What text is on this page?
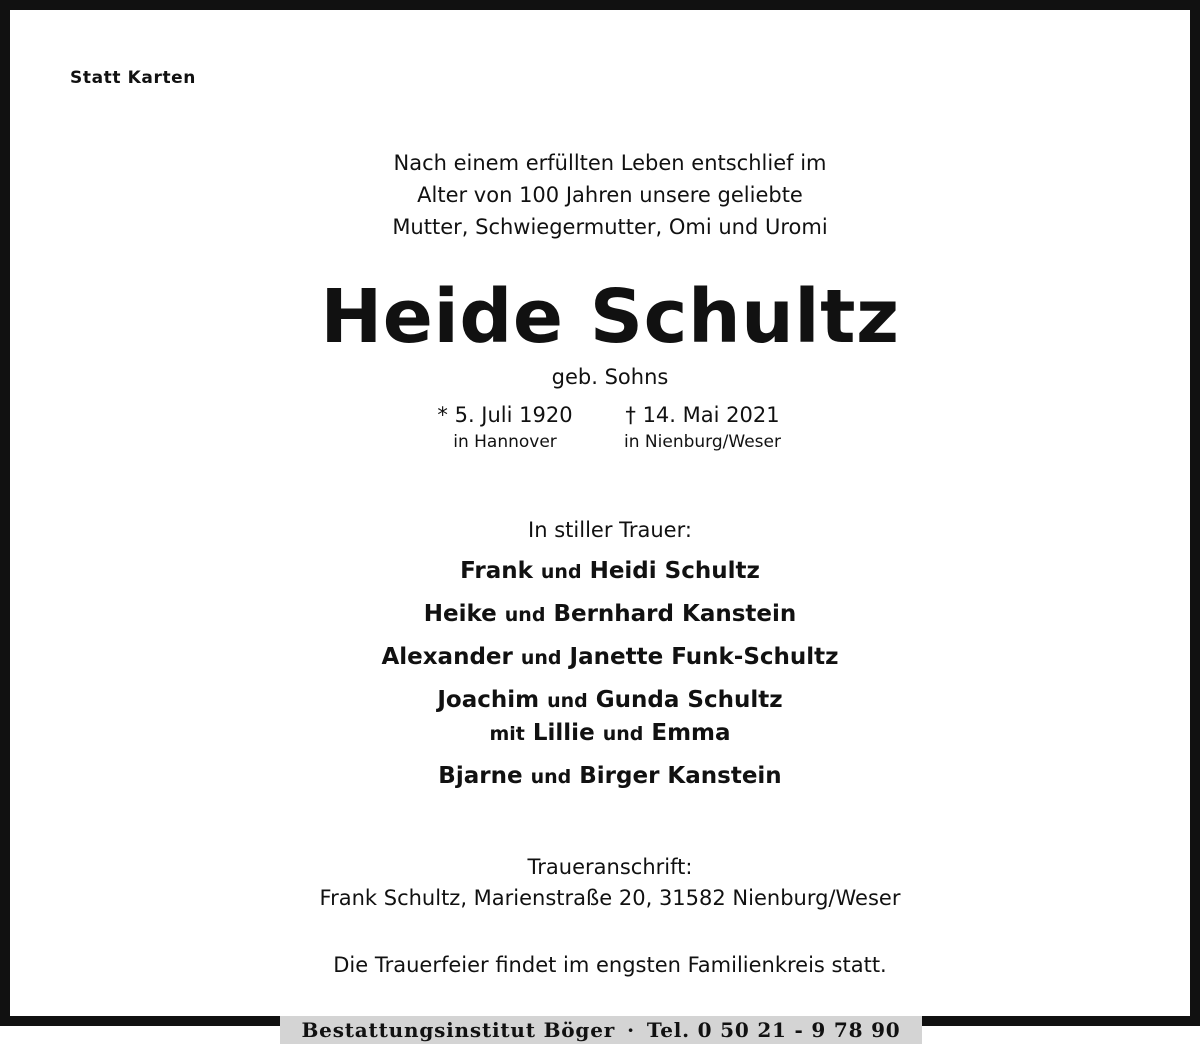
Statt Karten
Nach einem erfüllten Leben entschlief im
Alter von 100 Jahren unsere geliebte
Mutter, Schwiegermutter, Omi und Uromi
Heide Schultz
geb. Sohns
* 5. Juli 1920
in Hannover
† 14. Mai 2021
in Nienburg/Weser
In stiller Trauer:
Frank und Heidi Schultz
Heike und Bernhard Kanstein
Alexander und Janette Funk-Schultz
Joachim und Gunda Schultz
mit Lillie und Emma
Bjarne und Birger Kanstein
Traueranschrift:
Frank Schultz, Marienstraße 20, 31582 Nienburg/Weser
Die Trauerfeier findet im engsten Familienkreis statt.
Bestattungsinstitut Böger · Tel. 0 50 21 - 9 78 90
